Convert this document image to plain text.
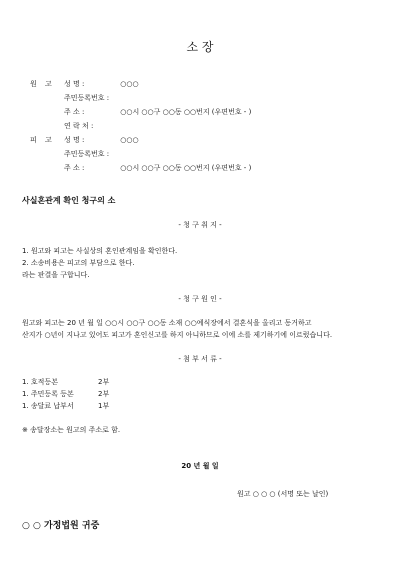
소 장
원 고 성 명 :	○○○
주민등록번호 :
주 소 :	○○시 ○○구 ○○동 ○○번지 (우편번호 - )
연 락 처 :
피 고 성 명 :	○○○
주민등록번호 :
주 소 :	○○시 ○○구 ○○동 ○○번지 (우편번호 - )
사실혼관계 확인 청구의 소
- 청 구 취 지 -
1. 원고와 피고는 사실상의 혼인관계임을 확인한다.
2. 소송비용은 피고의 부담으로 한다.
라는 판결을 구합니다.
- 청 구 원 인 -
원고와 피고는 20 년 월 일 ○○시 ○○구 ○○동 소재 ○○예식장에서 결혼식을 올리고 동거하고
산지가 ○년이 지나고 있어도 피고가 혼인신고를 하지 아니하므로 이에 소를 제기하기에 이르렀습니다.
- 첨 부 서 류 -
1. 호적등본	2부
1. 주민등록 등본	2부
1. 송달료 납부서	1부
※ 송달장소는 원고의 주소로 함.
20 년 월 일
원고 ○ ○ ○ (서명 또는 날인)
○ ○ 가정법원 귀중
